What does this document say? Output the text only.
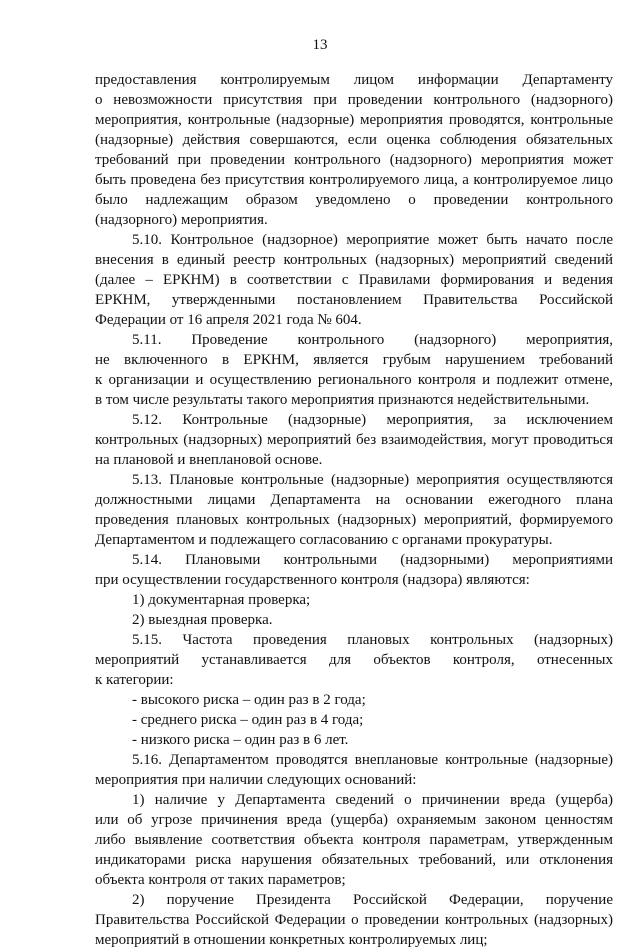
13
предоставления контролируемым лицом информации Департаменту
о невозможности присутствия при проведении контрольного (надзорного)
мероприятия, контрольные (надзорные) мероприятия проводятся, контрольные
(надзорные) действия совершаются, если оценка соблюдения обязательных
требований при проведении контрольного (надзорного) мероприятия может
быть проведена без присутствия контролируемого лица, а контролируемое лицо
было надлежащим образом уведомлено о проведении контрольного
(надзорного) мероприятия.
5.10. Контрольное (надзорное) мероприятие может быть начато после
внесения в единый реестр контрольных (надзорных) мероприятий сведений
(далее – ЕРКНМ) в соответствии с Правилами формирования и ведения
ЕРКНМ, утвержденными постановлением Правительства Российской
Федерации от 16 апреля 2021 года № 604.
5.11. Проведение контрольного (надзорного) мероприятия,
не включенного в ЕРКНМ, является грубым нарушением требований
к организации и осуществлению регионального контроля и подлежит отмене,
в том числе результаты такого мероприятия признаются недействительными.
5.12. Контрольные (надзорные) мероприятия, за исключением
контрольных (надзорных) мероприятий без взаимодействия, могут проводиться
на плановой и внеплановой основе.
5.13. Плановые контрольные (надзорные) мероприятия осуществляются
должностными лицами Департамента на основании ежегодного плана
проведения плановых контрольных (надзорных) мероприятий, формируемого
Департаментом и подлежащего согласованию с органами прокуратуры.
5.14. Плановыми контрольными (надзорными) мероприятиями
при осуществлении государственного контроля (надзора) являются:
1) документарная проверка;
2) выездная проверка.
5.15. Частота проведения плановых контрольных (надзорных)
мероприятий устанавливается для объектов контроля, отнесенных
к категории:
- высокого риска – один раз в 2 года;
- среднего риска – один раз в 4 года;
- низкого риска – один раз в 6 лет.
5.16. Департаментом проводятся внеплановые контрольные (надзорные)
мероприятия при наличии следующих оснований:
1) наличие у Департамента сведений о причинении вреда (ущерба)
или об угрозе причинения вреда (ущерба) охраняемым законом ценностям
либо выявление соответствия объекта контроля параметрам, утвержденным
индикаторами риска нарушения обязательных требований, или отклонения
объекта контроля от таких параметров;
2) поручение Президента Российской Федерации, поручение
Правительства Российской Федерации о проведении контрольных (надзорных)
мероприятий в отношении конкретных контролируемых лиц;
